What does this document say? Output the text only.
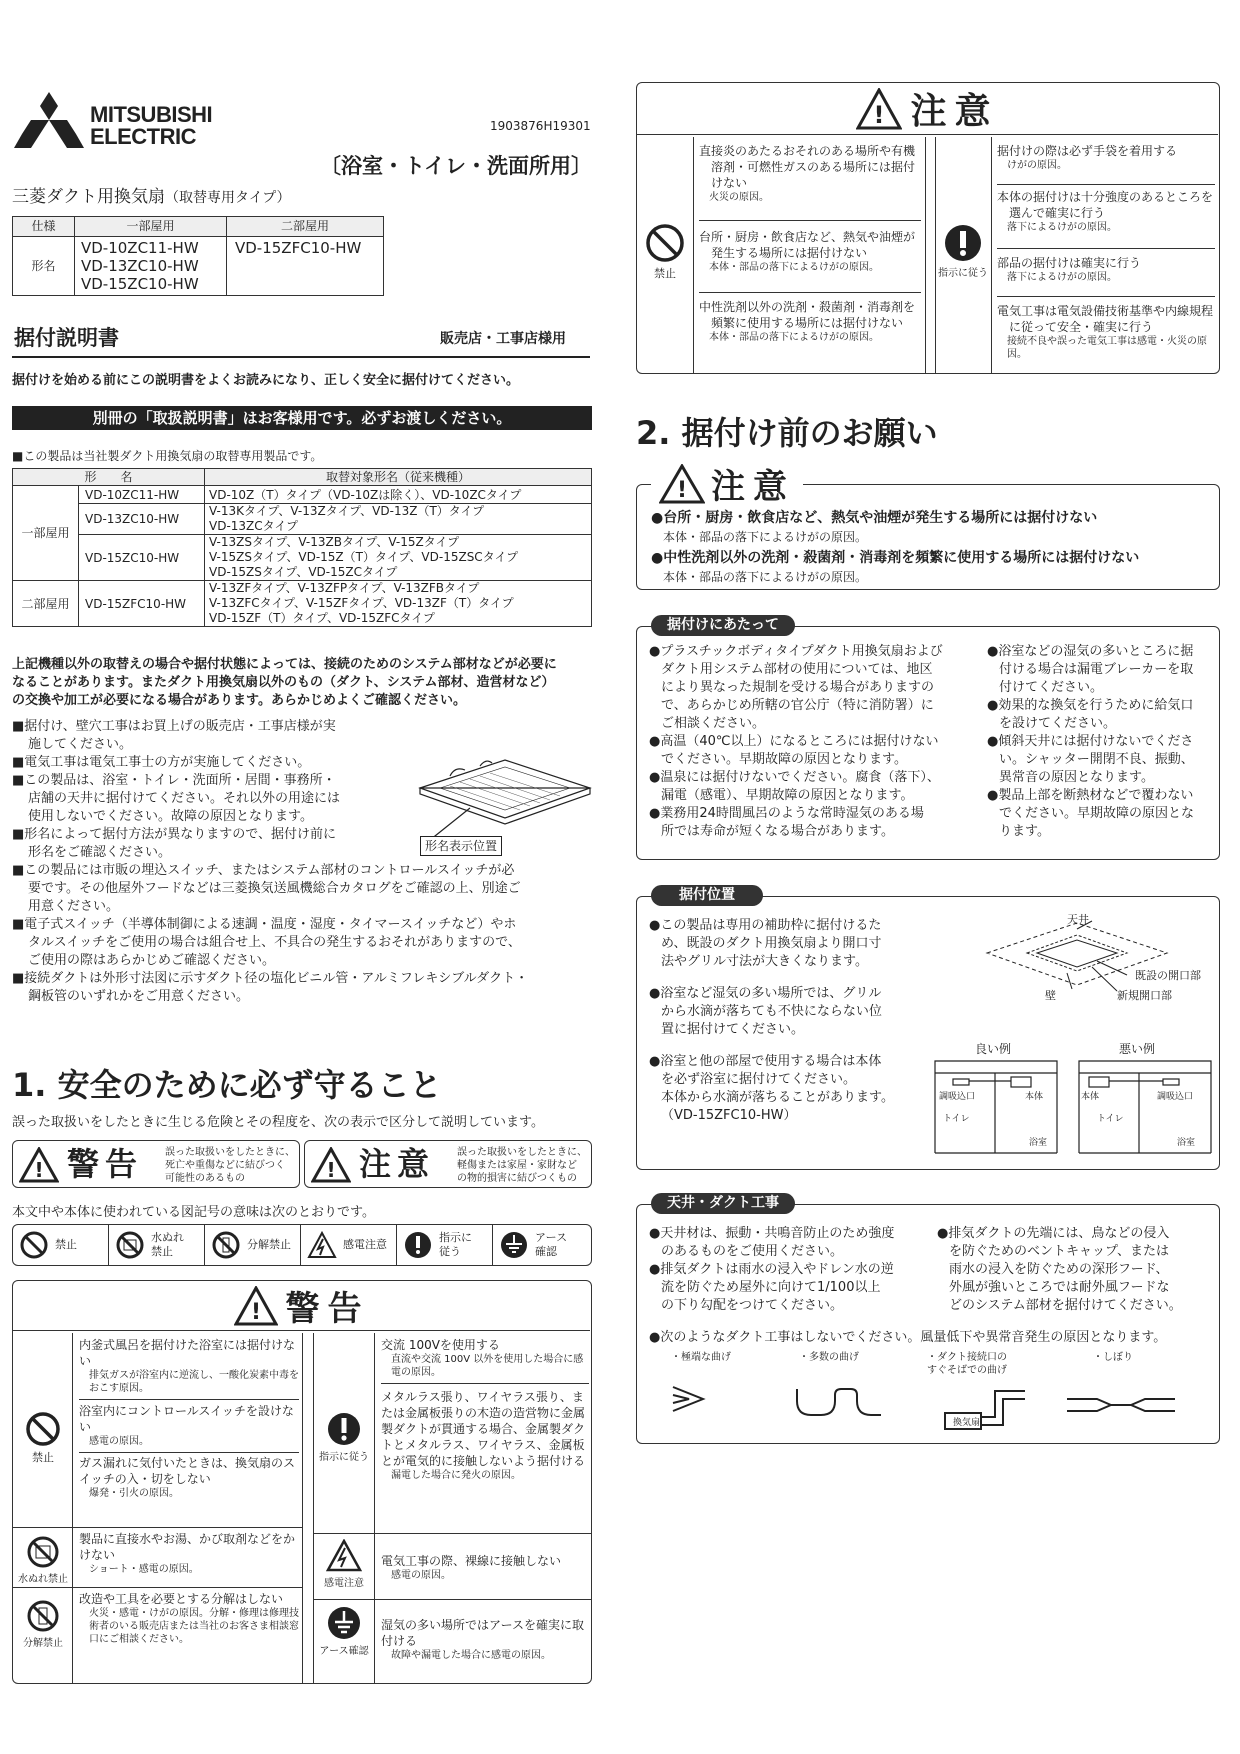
MITSUBISHI
ELECTRIC	1903876H19301
〔浴室・トイレ・洗面所用〕
三菱ダクト用換気扇（取替専用タイプ）
仕様	一部屋用	二部屋用
形名	VD-10ZC11-HW
VD-13ZC10-HW
VD-15ZC10-HW	VD-15ZFC10-HW
据付説明書	販売店・工事店様用
据付けを始める前にこの説明書をよくお読みになり、正しく安全に据付けてください。
別冊の「取扱説明書」はお客様用です。必ずお渡しください。
■この製品は当社製ダクト用換気扇の取替専用製品です。
形　　名		取替対象形名（従来機種）
一部屋用	VD-10ZC11-HW	VD-10Z（T）タイプ（VD-10Zは除く）、VD-10ZCタイプ
	VD-13ZC10-HW	V-13Kタイプ、V-13Zタイプ、VD-13Z（T）タイプ
VD-13ZCタイプ

	VD-15ZC10-HW	V-13ZSタイプ、V-13ZBタイプ、V-15Zタイプ
V-15ZSタイプ、VD-15Z（T）タイプ、VD-15ZSCタイプ
VD-15ZSタイプ、VD-15ZCタイプ

二部屋用	VD-15ZFC10-HW	V-13ZFタイプ、V-13ZFPタイプ、V-13ZFBタイプ
V-13ZFCタイプ、V-15ZFタイプ、VD-13ZF（T）タイプ
VD-15ZF（T）タイプ、VD-15ZFCタイプ
上記機種以外の取替えの場合や据付状態によっては、接続のためのシステム部材などが必要に
なることがあります。またダクト用換気扇以外のもの（ダクト、システム部材、造営材など）
の交換や加工が必要になる場合があります。あらかじめよくご確認ください。
■据付け、壁穴工事はお買上げの販売店・工事店様が実
施してください。
■電気工事は電気工事士の方が実施してください。
■この製品は、浴室・トイレ・洗面所・居間・事務所・
店舗の天井に据付けてください。それ以外の用途には
使用しないでください。故障の原因となります。
■形名によって据付方法が異なりますので、据付け前に
形名をご確認ください。
■この製品には市販の埋込スイッチ、またはシステム部材のコントロールスイッチが必
要です。その他屋外フードなどは三菱換気送風機総合カタログをご確認の上、別途ご
用意ください。
■電子式スイッチ（半導体制御による速調・温度・湿度・タイマースイッチなど）やホ
タルスイッチをご使用の場合は組合せ上、不具合の発生するおそれがありますので、
ご使用の際はあらかじめご確認ください。
■接続ダクトは外形寸法図に示すダクト径の塩化ビニル管・アルミフレキシブルダクト・
鋼板管のいずれかをご用意ください。
形名表示位置
1. 安全のために必ず守ること
誤った取扱いをしたときに生じる危険とその程度を、次の表示で区分して説明しています。
! 警告 誤った取扱いをしたときに、
死亡や重傷などに結びつく
可能性のあるもの	! 注意 誤った取扱いをしたときに、
軽傷または家屋・家財など
の物的損害に結びつくもの
本文中や本体に使われている図記号の意味は次のとおりです。
禁止
水ぬれ
禁止
分解禁止	感電注意
指示に
従う
アース
確認
! 警告
禁止
内釜式風呂を据付けた浴室には据付けない
排気ガスが浴室内に逆流し、一酸化炭素中毒をおこす原因。
浴室内にコントロールスイッチを設けない
感電の原因。
ガス漏れに気付いたときは、換気扇のスイッチの入・切をしない
爆発・引火の原因。
水ぬれ禁止
製品に直接水やお湯、かび取剤などをかけない
ショート・感電の原因。
分解禁止
改造や工具を必要とする分解はしない
火災・感電・けがの原因。分解・修理は修理技術者のいる販売店または当社のお客さま相談窓口にご相談ください。
指示に従う
交流 100Vを使用する
直流や交流 100V 以外を使用した場合に感電の原因。
メタルラス張り、ワイヤラス張り、または金属板張りの木造の造営物に金属製ダクトが貫通する場合、金属製ダクトとメタルラス、ワイヤラス、金属板とが電気的に接触しないよう据付ける
漏電した場合に発火の原因。
感電注意
電気工事の際、裸線に接触しない
感電の原因。
アース確認
湿気の多い場所ではアースを確実に取付ける
故障や漏電した場合に感電の原因。
! 注意
禁止
直接炎のあたるおそれのある場所や有機溶剤・可燃性ガスのある場所には据付けない
火災の原因。
台所・厨房・飲食店など、熱気や油煙が発生する場所には据付けない
本体・部品の落下によるけがの原因。
中性洗剤以外の洗剤・殺菌剤・消毒剤を頻繁に使用する場所には据付けない
本体・部品の落下によるけがの原因。
指示に従う
据付けの際は必ず手袋を着用する
けがの原因。
本体の据付けは十分強度のあるところを選んで確実に行う
落下によるけがの原因。
部品の据付けは確実に行う
落下によるけがの原因。
電気工事は電気設備技術基準や内線規程に従って安全・確実に行う
接続不良や誤った電気工事は感電・火災の原因。
2. 据付け前のお願い
! 注意
●台所・厨房・飲食店など、熱気や油煙が発生する場所には据付けない
本体・部品の落下によるけがの原因。
●中性洗剤以外の洗剤・殺菌剤・消毒剤を頻繁に使用する場所には据付けない
本体・部品の落下によるけがの原因。
据付けにあたって
●プラスチックボディタイプダクト用換気扇および
ダクト用システム部材の使用については、地区
により異なった規制を受ける場合がありますの
で、あらかじめ所轄の官公庁（特に消防署）に
ご相談ください。
●高温（40℃以上）になるところには据付けない
でください。早期故障の原因となります。
●温泉には据付けないでください。腐食（落下）、
漏電（感電）、早期故障の原因となります。
●業務用24時間風呂のような常時湿気のある場
所では寿命が短くなる場合があります。
●浴室などの湿気の多いところに据
付ける場合は漏電ブレーカーを取
付けてください。
●効果的な換気を行うために給気口
を設けてください。
●傾斜天井には据付けないでくださ
い。シャッター開閉不良、振動、
異常音の原因となります。
●製品上部を断熱材などで覆わない
でください。早期故障の原因とな
ります。
据付位置
●この製品は専用の補助枠に据付けるた
め、既設のダクト用換気扇より開口寸
法やグリル寸法が大きくなります。
●浴室など湿気の多い場所では、グリル
から水滴が落ちても不快にならない位
置に据付けてください。
●浴室と他の部屋で使用する場合は本体
を必ず浴室に据付けてください。
本体から水滴が落ちることがあります。
（VD-15ZFC10-HW）
天井
既設の開口部
壁	新規開口部
良い例	悪い例
調吸込口	本体
トイレ
浴室
本体	調吸込口
トイレ
浴室
天井・ダクト工事
●天井材は、振動・共鳴音防止のため強度
のあるものをご使用ください。
●排気ダクトは雨水の浸入やドレン水の逆
流を防ぐため屋外に向けて1/100以上
の下り勾配をつけてください。
●排気ダクトの先端には、鳥などの侵入
を防ぐためのベントキャップ、または
雨水の浸入を防ぐための深形フード、
外風が強いところでは耐外風フードな
どのシステム部材を据付けてください。
●次のようなダクト工事はしないでください。風量低下や異常音発生の原因となります。
・極端な曲げ	・多数の曲げ	・ダクト接続口の
すぐそばでの曲げ
・しぼり
換気扇
